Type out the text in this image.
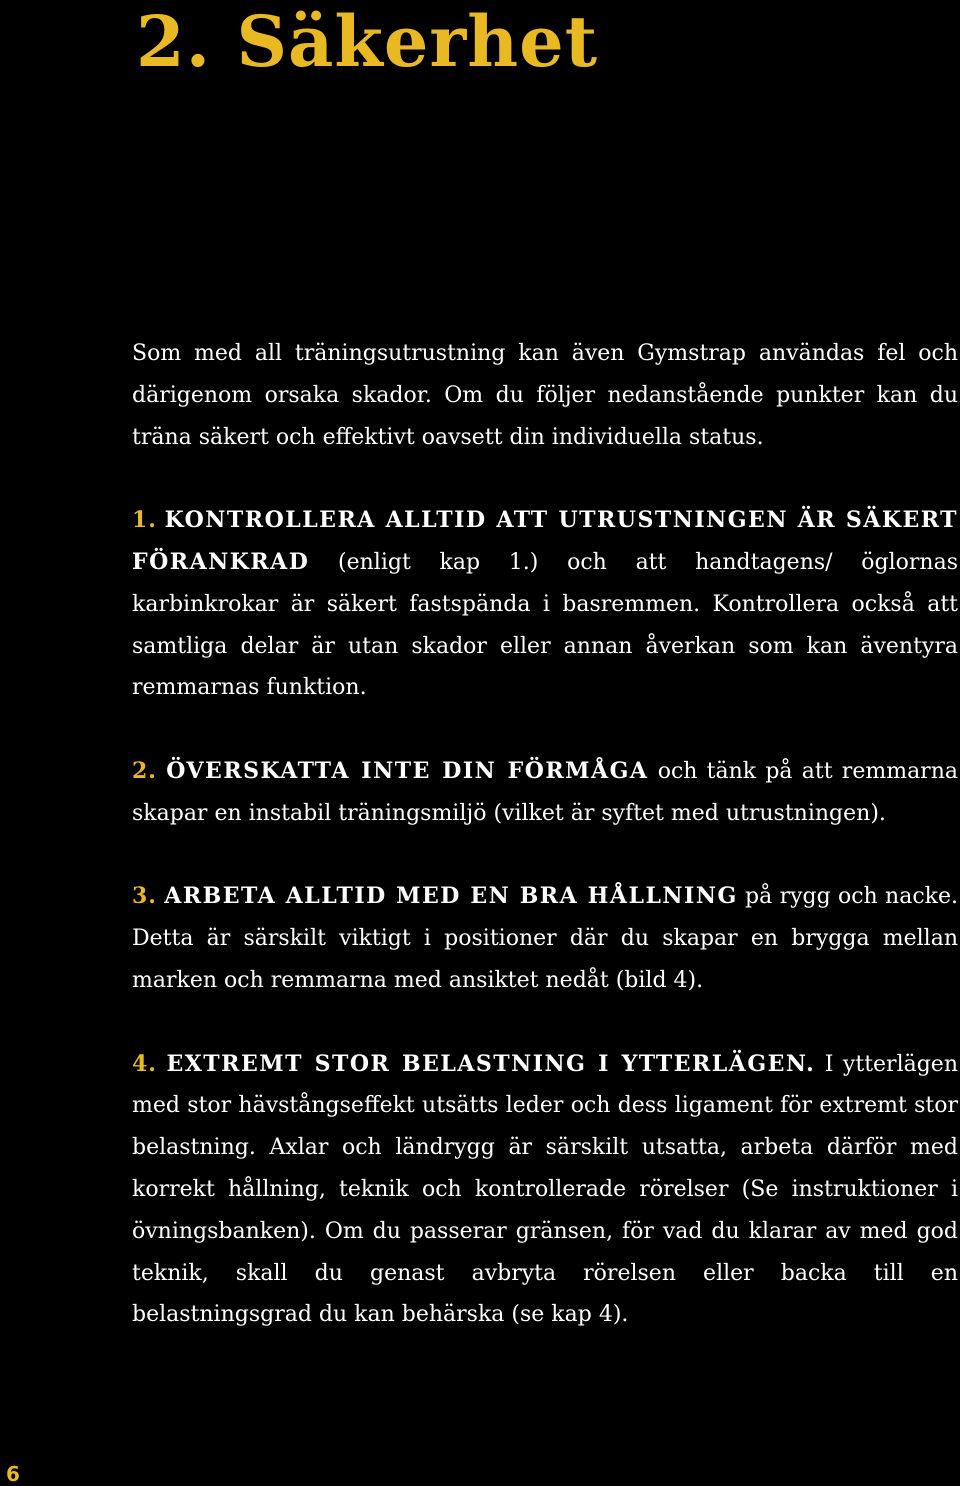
2. Säkerhet

Som med all träningsutrustning kan även Gymstrap användas fel och därigenom orsaka skador. Om du följer nedanstående punkter kan du träna säkert och effektivt oavsett din individuella status.

1. KONTROLLERA ALLTID ATT UTRUSTNINGEN ÄR SÄKERT FÖRANKRAD (enligt kap 1.) och att handtagens/ öglornas karbinkrokar är säkert fastspända i basremmen. Kontrollera också att samtliga delar är utan skador eller annan åverkan som kan äventyra remmarnas funktion.

2. ÖVERSKATTA INTE DIN FÖRMÅGA och tänk på att remmarna skapar en instabil träningsmiljö (vilket är syftet med utrustningen).

3. ARBETA ALLTID MED EN BRA HÅLLNING på rygg och nacke. Detta är särskilt viktigt i positioner där du skapar en brygga mellan marken och remmarna med ansiktet nedåt (bild 4).

4. EXTREMT STOR BELASTNING I YTTERLÄGEN. I ytterlägen med stor hävstångseffekt utsätts leder och dess ligament för extremt stor belastning. Axlar och ländrygg är särskilt utsatta, arbeta därför med korrekt hållning, teknik och kontrollerade rörelser (Se instruktioner i övningsbanken). Om du passerar gränsen, för vad du klarar av med god teknik, skall du genast avbryta rörelsen eller backa till en belastningsgrad du kan behärska (se kap 4).

6
